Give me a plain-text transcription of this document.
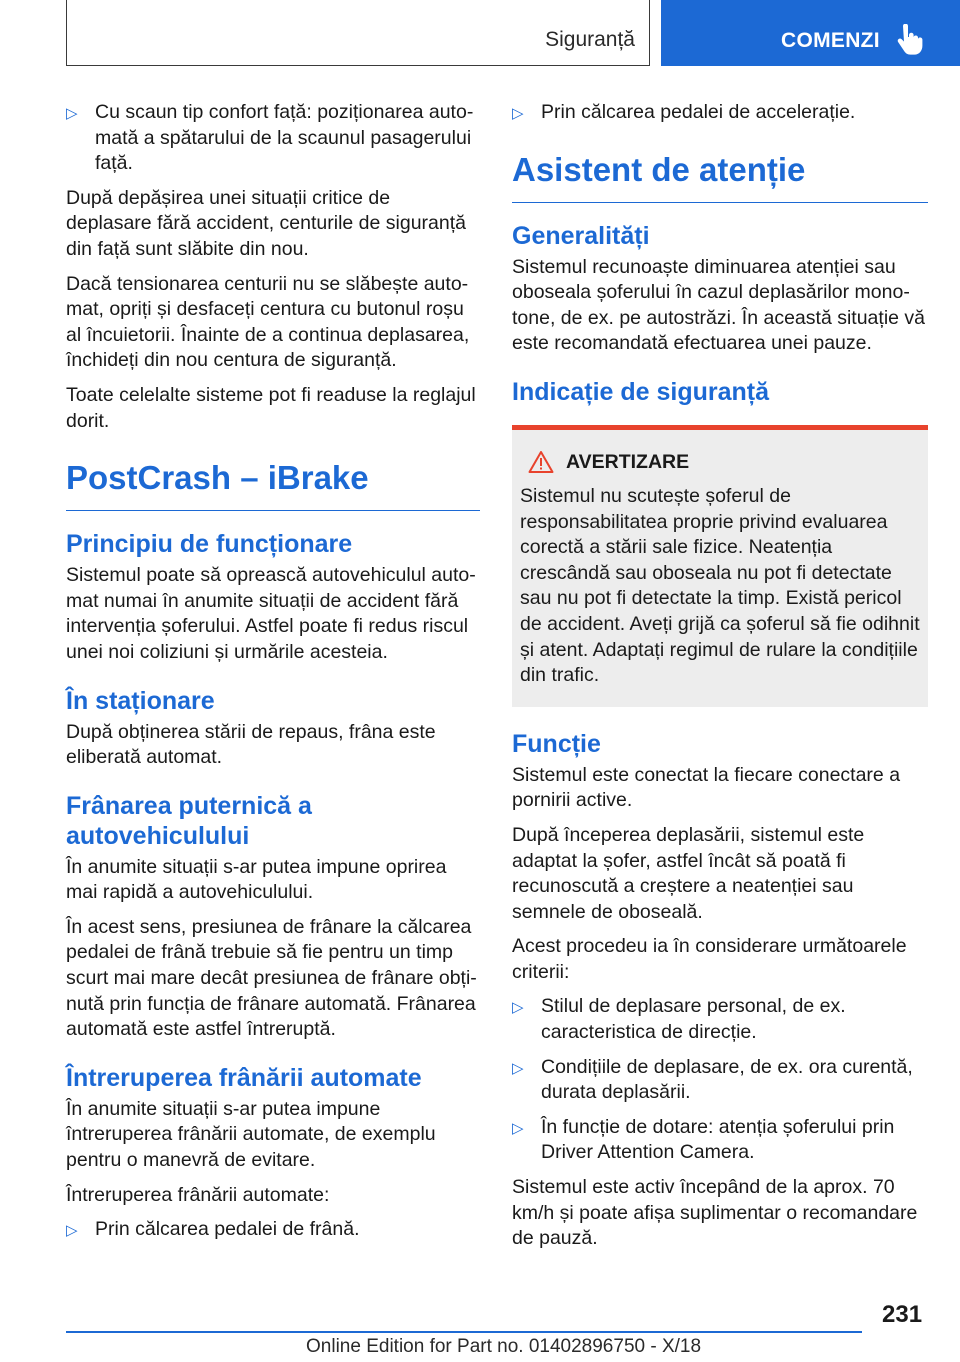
Siguranță	COMENZI
▷ Cu scaun tip confort față: poziționarea automată a spătarului de la scaunul pasagerului față.

După depășirea unei situații critice de deplasare fără accident, centurile de siguranță din față sunt slăbite din nou.

Dacă tensionarea centurii nu se slăbește automat, opriți și desfaceți centura cu butonul roșu al încuietorii. Înainte de a continua deplasarea, închideți din nou centura de siguranță.

Toate celelalte sisteme pot fi readuse la reglajul dorit.

PostCrash – iBrake
Principiu de funcționare

Sistemul poate să oprească autovehiculul automat numai în anumite situații de accident fără intervenția șoferului. Astfel poate fi redus riscul unei noi coliziuni și urmările acesteia.

În staționare

După obținerea stării de repaus, frâna este eliberată automat.

Frânarea puternică a autovehiculului

În anumite situații s-ar putea impune oprirea mai rapidă a autovehiculului.

În acest sens, presiunea de frânare la călcarea pedalei de frână trebuie să fie pentru un timp scurt mai mare decât presiunea de frânare obținută prin funcția de frânare automată. Frânarea automată este astfel întreruptă.

Întreruperea frânării automate

În anumite situații s-ar putea impune întreruperea frânării automate, de exemplu pentru o manevră de evitare.

Întreruperea frânării automate:

▷ Prin călcarea pedalei de frână.
▷ Prin călcarea pedalei de accelerație.
Asistent de atenție
Generalități

Sistemul recunoaște diminuarea atenției sau oboseala șoferului în cazul deplasărilor monotone, de ex. pe autostrăzi. În această situație vă este recomandată efectuarea unei pauze.

Indicație de siguranță
AVERTIZARE

Sistemul nu scutește șoferul de responsabilitatea proprie privind evaluarea corectă a stării sale fizice. Neatenția crescândă sau oboseala nu pot fi detectate sau nu pot fi detectate la timp. Există pericol de accident. Aveți grijă ca șoferul să fie odihnit și atent. Adaptați regimul de rulare la condițiile din trafic.

Funcție

Sistemul este conectat la fiecare conectare a pornirii active.

După începerea deplasării, sistemul este adaptat la șofer, astfel încât să poată fi recunoscută a creștere a neatenției sau semnele de oboseală.

Acest procedeu ia în considerare următoarele criterii:

▷ Stilul de deplasare personal, de ex. caracteristica de direcție.
▷ Condițiile de deplasare, de ex. ora curentă, durata deplasării.
▷ În funcție de dotare: atenția șoferului prin Driver Attention Camera.

Sistemul este activ începând de la aprox. 70 km/h și poate afișa suplimentar o recomandare de pauză.

231
Online Edition for Part no. 01402896750 - X/18
